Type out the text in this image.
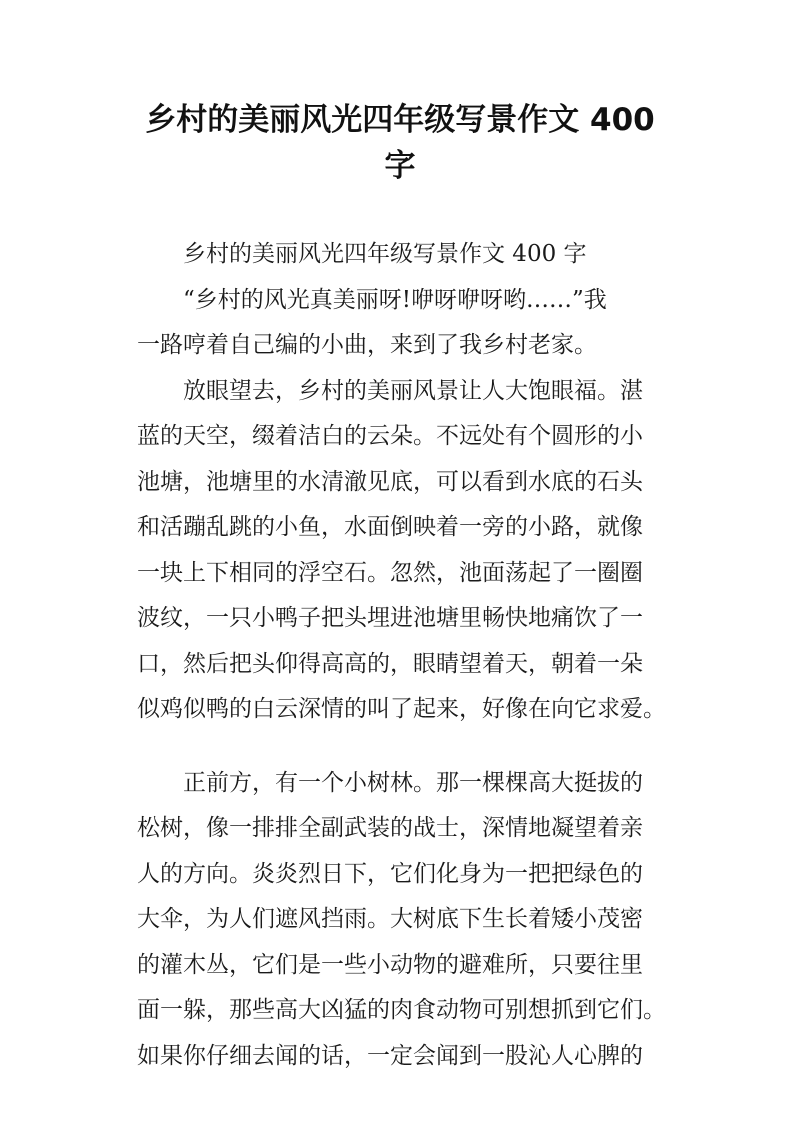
乡村的美丽风光四年级写景作文 400
字
乡村的美丽风光四年级写景作文 400 字
“乡村的风光真美丽呀!咿呀咿呀哟……”我
一路哼着自己编的小曲，来到了我乡村老家。
放眼望去，乡村的美丽风景让人大饱眼福。湛
蓝的天空，缀着洁白的云朵。不远处有个圆形的小
池塘，池塘里的水清澈见底，可以看到水底的石头
和活蹦乱跳的小鱼，水面倒映着一旁的小路，就像
一块上下相同的浮空石。忽然，池面荡起了一圈圈
波纹，一只小鸭子把头埋进池塘里畅快地痛饮了一
口，然后把头仰得高高的，眼睛望着天，朝着一朵
似鸡似鸭的白云深情的叫了起来，好像在向它求爱。
正前方，有一个小树林。那一棵棵高大挺拔的
松树，像一排排全副武装的战士，深情地凝望着亲
人的方向。炎炎烈日下，它们化身为一把把绿色的
大伞，为人们遮风挡雨。大树底下生长着矮小茂密
的灌木丛，它们是一些小动物的避难所，只要往里
面一躲，那些高大凶猛的肉食动物可别想抓到它们。
如果你仔细去闻的话，一定会闻到一股沁人心脾的
